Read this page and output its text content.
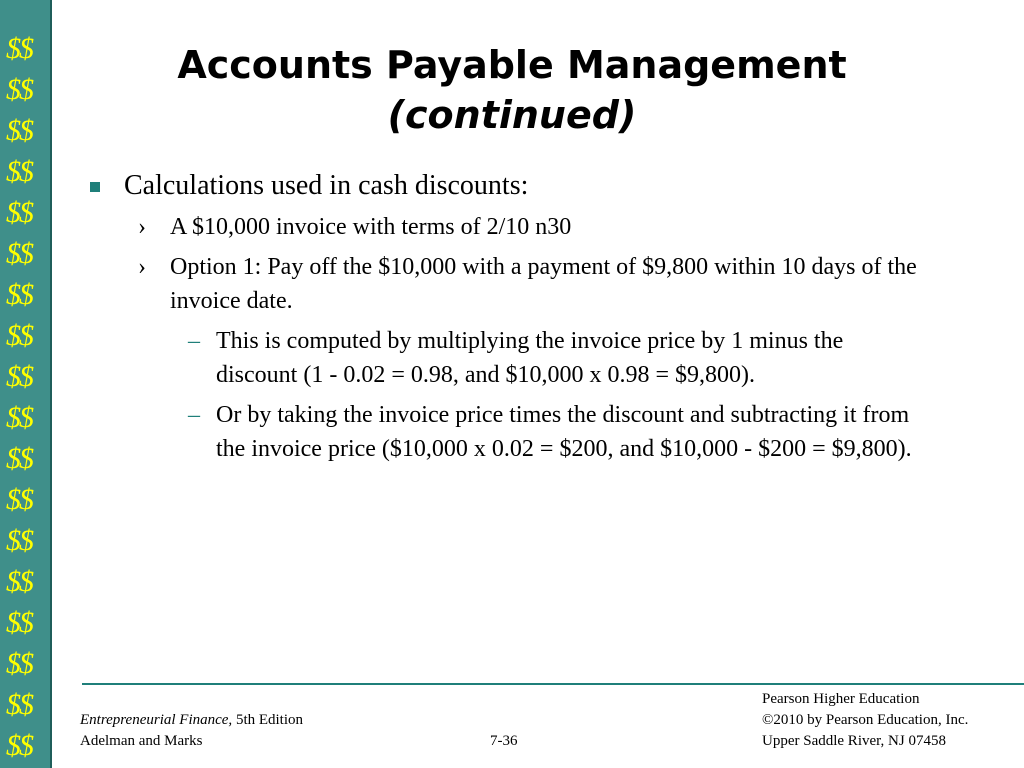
$$
$$
$$
$$
$$
$$
$$
$$
$$
$$
$$
$$
$$
$$
$$
$$
$$
$$
Accounts Payable Management
(continued)
Calculations used in cash discounts:
› A $10,000 invoice with terms of 2/10 n30
› Option 1: Pay off the $10,000 with a payment of $9,800 within 10 days of the invoice date.
– This is computed by multiplying the invoice price by 1 minus the discount (1 - 0.02 = 0.98, and $10,000 x 0.98 = $9,800).
– Or by taking the invoice price times the discount and subtracting it from the invoice price ($10,000 x 0.02 = $200, and $10,000 - $200 = $9,800).
Entrepreneurial Finance, 5th Edition
Adelman and Marks	7-36
Pearson Higher Education
©2010 by Pearson Education, Inc.
Upper Saddle River, NJ 07458
